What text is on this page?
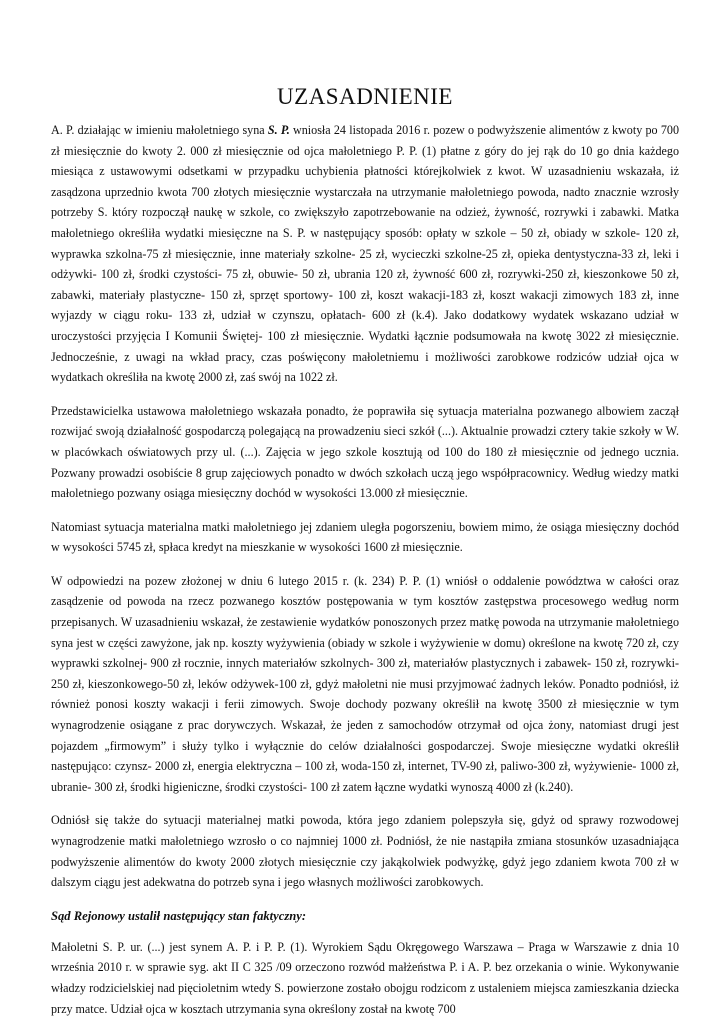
UZASADNIENIE

A. P. działając w imieniu małoletniego syna S. P. wniosła 24 listopada 2016 r. pozew o podwyższenie alimentów z kwoty po 700 zł miesięcznie do kwoty 2. 000 zł miesięcznie od ojca małoletniego P. P. (1) płatne z góry do jej rąk do 10 go dnia każdego miesiąca z ustawowymi odsetkami w przypadku uchybienia płatności którejkolwiek z kwot. W uzasadnieniu wskazała, iż zasądzona uprzednio kwota 700 złotych miesięcznie wystarczała na utrzymanie małoletniego powoda, nadto znacznie wzrosły potrzeby S. który rozpoczął naukę w szkole, co zwiększyło zapotrzebowanie na odzież, żywność, rozrywki i zabawki. Matka małoletniego określiła wydatki miesięczne na S. P. w następujący sposób: opłaty w szkole – 50 zł, obiady w szkole- 120 zł, wyprawka szkolna-75 zł miesięcznie, inne materiały szkolne- 25 zł, wycieczki szkolne-25 zł, opieka dentystyczna-33 zł, leki i odżywki- 100 zł, środki czystości- 75 zł, obuwie- 50 zł, ubrania 120 zł, żywność 600 zł, rozrywki-250 zł, kieszonkowe 50 zł, zabawki, materiały plastyczne- 150 zł, sprzęt sportowy- 100 zł, koszt wakacji-183 zł, koszt wakacji zimowych 183 zł, inne wyjazdy w ciągu roku- 133 zł, udział w czynszu, opłatach- 600 zł (k.4). Jako dodatkowy wydatek wskazano udział w uroczystości przyjęcia I Komunii Świętej- 100 zł miesięcznie. Wydatki łącznie podsumowała na kwotę 3022 zł miesięcznie. Jednocześnie, z uwagi na wkład pracy, czas poświęcony małoletniemu i możliwości zarobkowe rodziców udział ojca w wydatkach określiła na kwotę 2000 zł, zaś swój na 1022 zł.

Przedstawicielka ustawowa małoletniego wskazała ponadto, że poprawiła się sytuacja materialna pozwanego albowiem zaczął rozwijać swoją działalność gospodarczą polegającą na prowadzeniu sieci szkół (...). Aktualnie prowadzi cztery takie szkoły w W. w placówkach oświatowych przy ul. (...). Zajęcia w jego szkole kosztują od 100 do 180 zł miesięcznie od jednego ucznia. Pozwany prowadzi osobiście 8 grup zajęciowych ponadto w dwóch szkołach uczą jego współpracownicy. Według wiedzy matki małoletniego pozwany osiąga miesięczny dochód w wysokości 13.000 zł miesięcznie.

Natomiast sytuacja materialna matki małoletniego jej zdaniem uległa pogorszeniu, bowiem mimo, że osiąga miesięczny dochód w wysokości 5745 zł, spłaca kredyt na mieszkanie w wysokości 1600 zł miesięcznie.

W odpowiedzi na pozew złożonej w dniu 6 lutego 2015 r. (k. 234) P. P. (1) wniósł o oddalenie powództwa w całości oraz zasądzenie od powoda na rzecz pozwanego kosztów postępowania w tym kosztów zastępstwa procesowego według norm przepisanych. W uzasadnieniu wskazał, że zestawienie wydatków ponoszonych przez matkę powoda na utrzymanie małoletniego syna jest w części zawyżone, jak np. koszty wyżywienia (obiady w szkole i wyżywienie w domu) określone na kwotę 720 zł, czy wyprawki szkolnej- 900 zł rocznie, innych materiałów szkolnych- 300 zł, materiałów plastycznych i zabawek- 150 zł, rozrywki- 250 zł, kieszonkowego-50 zł, leków odżywek-100 zł, gdyż małoletni nie musi przyjmować żadnych leków. Ponadto podniósł, iż również ponosi koszty wakacji i ferii zimowych. Swoje dochody pozwany określił na kwotę 3500 zł miesięcznie w tym wynagrodzenie osiągane z prac dorywczych. Wskazał, że jeden z samochodów otrzymał od ojca żony, natomiast drugi jest pojazdem „firmowym” i służy tylko i wyłącznie do celów działalności gospodarczej. Swoje miesięczne wydatki określił następująco: czynsz- 2000 zł, energia elektryczna – 100 zł, woda-150 zł, internet, TV-90 zł, paliwo-300 zł, wyżywienie- 1000 zł, ubranie- 300 zł, środki higieniczne, środki czystości- 100 zł zatem łączne wydatki wynoszą 4000 zł (k.240).

Odniósł się także do sytuacji materialnej matki powoda, która jego zdaniem polepszyła się, gdyż od sprawy rozwodowej wynagrodzenie matki małoletniego wzrosło o co najmniej 1000 zł. Podniósł, że nie nastąpiła zmiana stosunków uzasadniająca podwyższenie alimentów do kwoty 2000 złotych miesięcznie czy jakąkolwiek podwyżkę, gdyż jego zdaniem kwota 700 zł w dalszym ciągu jest adekwatna do potrzeb syna i jego własnych możliwości zarobkowych.

Sąd Rejonowy ustalił następujący stan faktyczny:

Małoletni S. P. ur. (...) jest synem A. P. i P. P. (1). Wyrokiem Sądu Okręgowego Warszawa – Praga w Warszawie z dnia 10 września 2010 r. w sprawie syg. akt II C 325 /09 orzeczono rozwód małżeństwa P. i A. P. bez orzekania o winie. Wykonywanie władzy rodzicielskiej nad pięcioletnim wtedy S. powierzone zostało obojgu rodzicom z ustaleniem miejsca zamieszkania dziecka przy matce. Udział ojca w kosztach utrzymania syna określony został na kwotę 700
